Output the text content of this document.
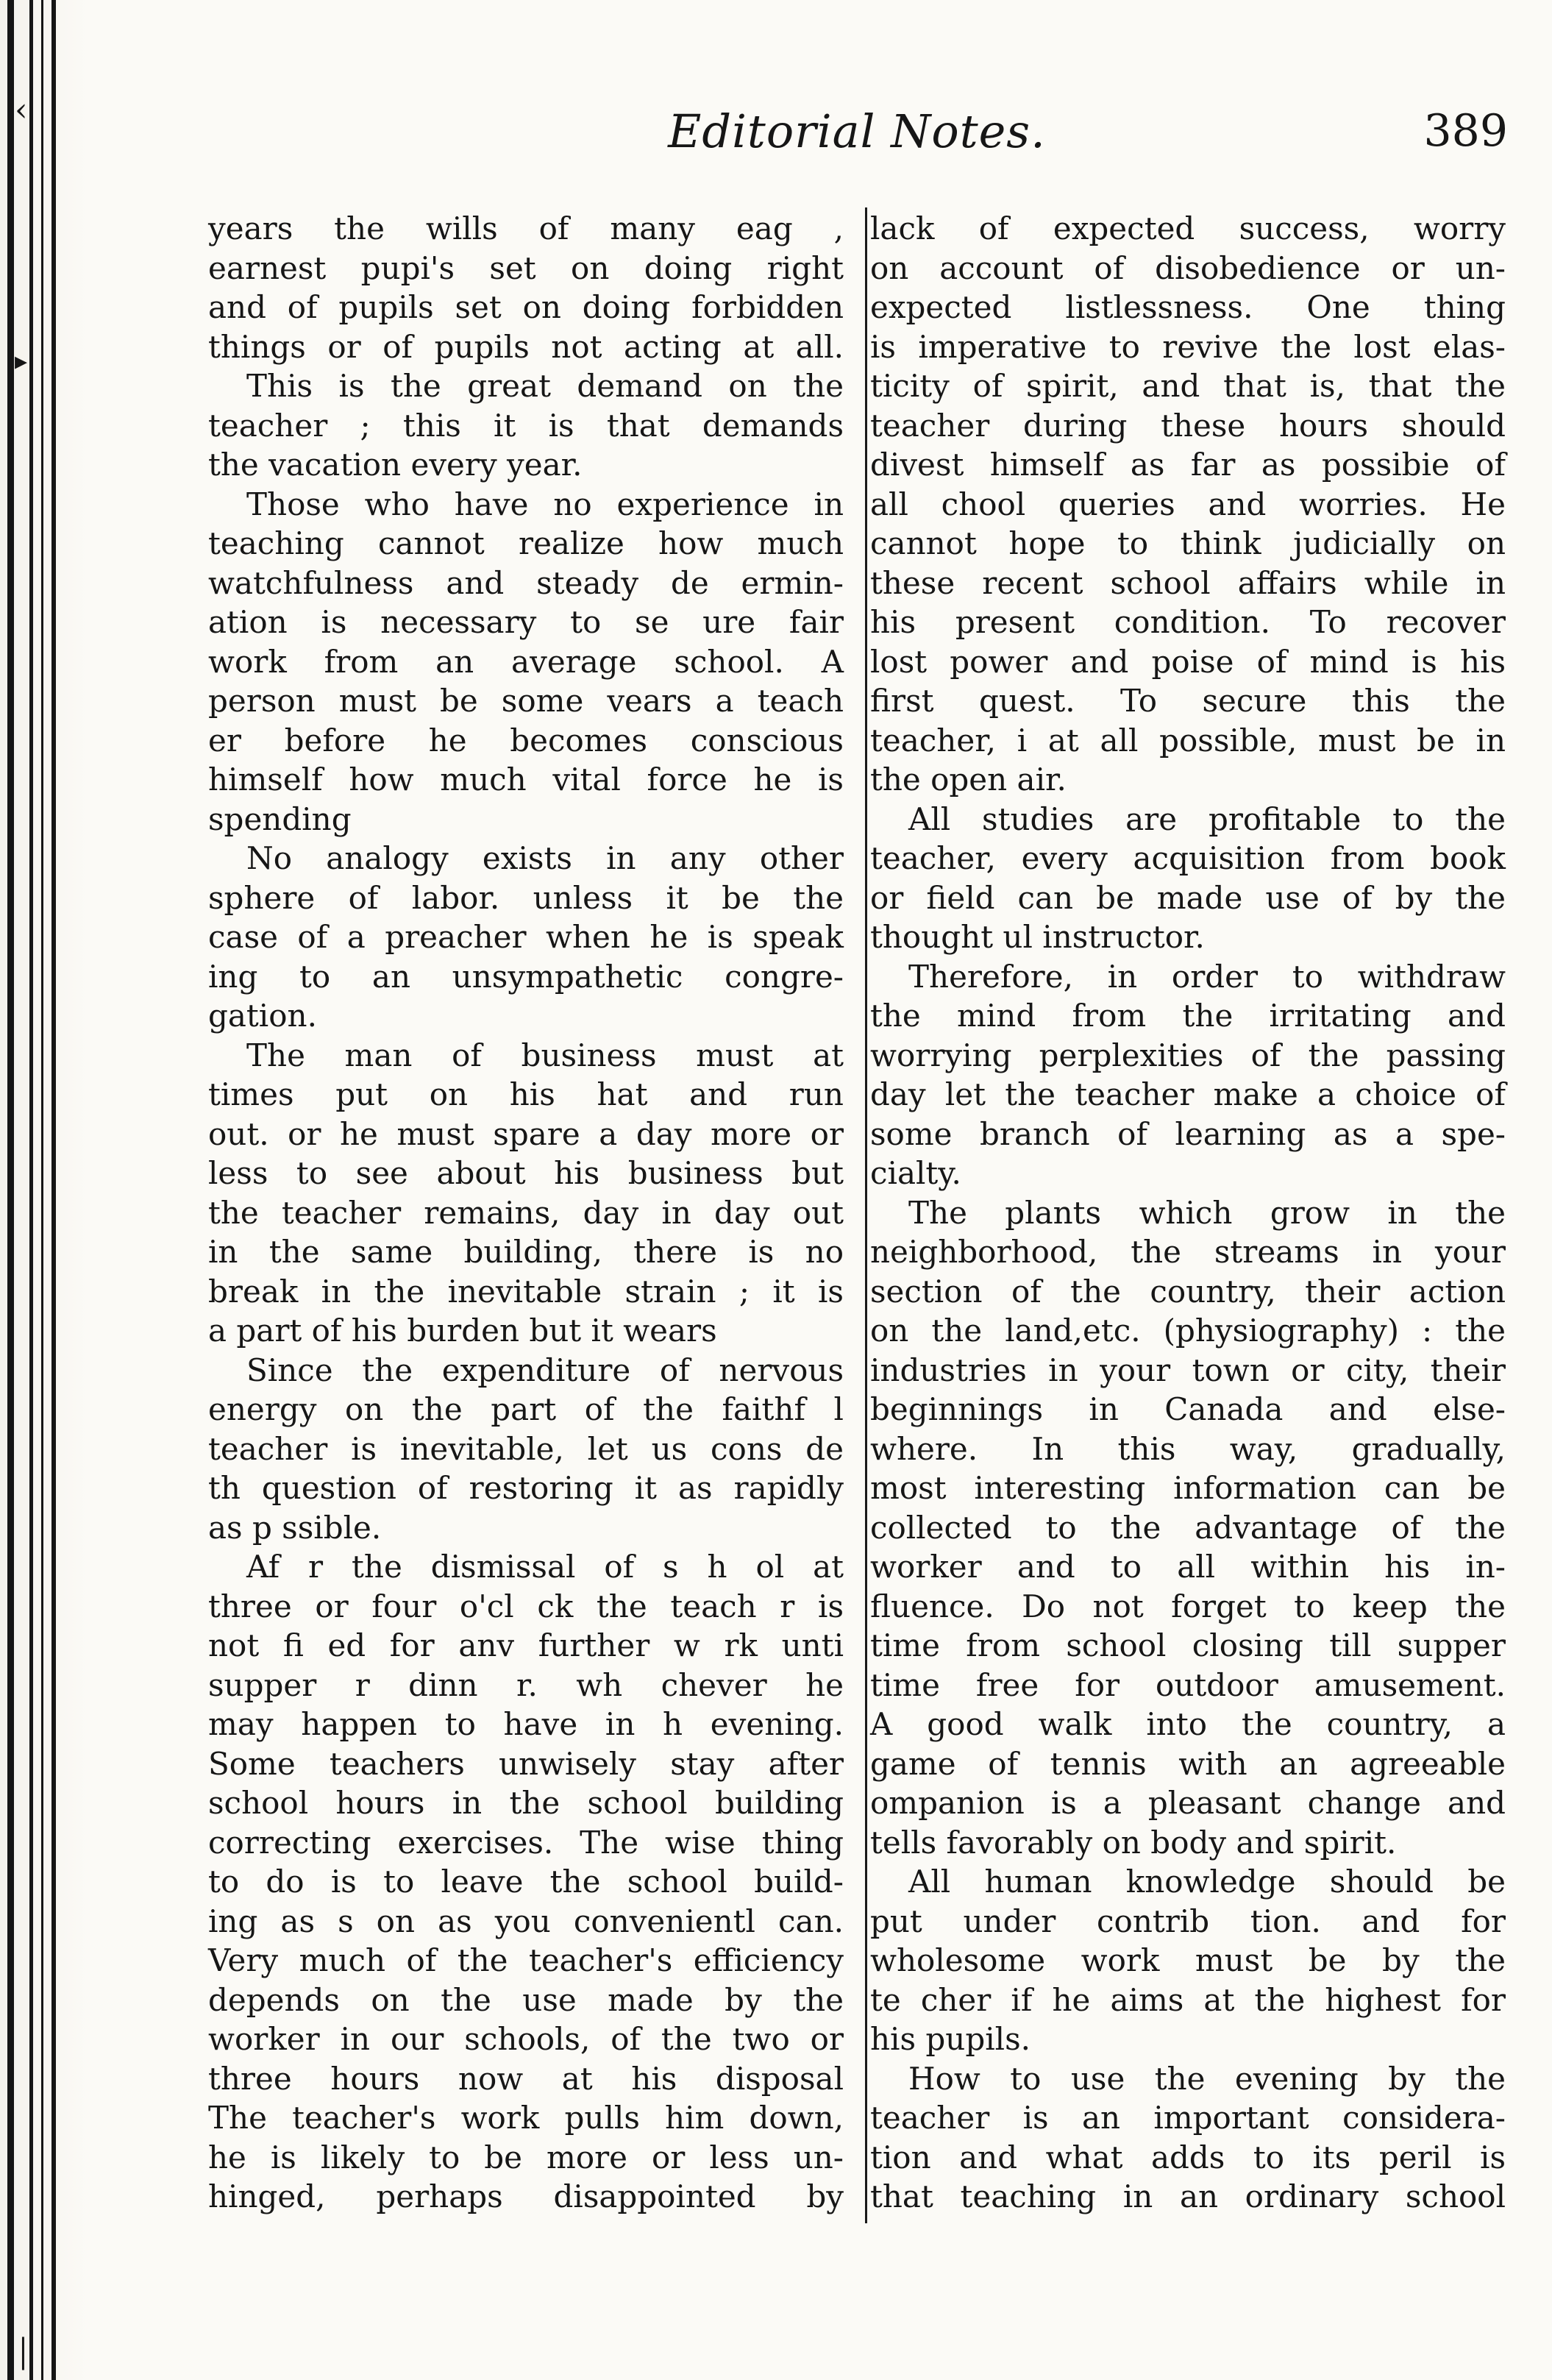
‹
▸
│
Editorial Notes.	389
years the wills of many eag ,
earnest pupi's set on doing right
and of pupils set on doing forbidden
things or of pupils not acting at all.
This is the great demand on the
teacher ; this it is that demands
the vacation every year.
Those who have no experience in
teaching cannot realize how much
watchfulness and steady de ermin-
ation is necessary to se ure fair
work from an average school. A
person must be some vears a teach
er before he becomes conscious
himself how much vital force he is
spending
No analogy exists in any other
sphere of labor. unless it be the
case of a preacher when he is speak
ing to an unsympathetic congre-
gation.
The man of business must at
times put on his hat and run
out. or he must spare a day more or
less to see about his business but
the teacher remains, day in day out
in the same building, there is no
break in the inevitable strain ; it is
a part of his burden but it wears
Since the expenditure of nervous
energy on the part of the faithf l
teacher is inevitable, let us cons de
th question of restoring it as rapidly
as p ssible.
Af r the dismissal of s h ol at
three or four o'cl ck the teach r is
not fi ed for anv further w rk unti
supper r dinn r. wh chever he
may happen to have in h evening.
Some teachers unwisely stay after
school hours in the school building
correcting exercises. The wise thing
to do is to leave the school build-
ing as s on as you convenientl can.
Very much of the teacher's efficiency
depends on the use made by the
worker in our schools, of the two or
three hours now at his disposal
The teacher's work pulls him down,
he is likely to be more or less un-
hinged, perhaps disappointed by
lack of expected success, worry
on account of disobedience or un-
expected listlessness. One thing
is imperative to revive the lost elas-
ticity of spirit, and that is, that the
teacher during these hours should
divest himself as far as possibie of
all chool queries and worries. He
cannot hope to think judicially on
these recent school affairs while in
his present condition. To recover
lost power and poise of mind is his
first quest. To secure this the
teacher, i at all possible, must be in
the open air.
All studies are profitable to the
teacher, every acquisition from book
or field can be made use of by the
thought ul instructor.
Therefore, in order to withdraw
the mind from the irritating and
worrying perplexities of the passing
day let the teacher make a choice of
some branch of learning as a spe-
cialty.
The plants which grow in the
neighborhood, the streams in your
section of the country, their action
on the land,etc. (physiography) : the
industries in your town or city, their
beginnings in Canada and else-
where. In this way, gradually,
most interesting information can be
collected to the advantage of the
worker and to all within his in-
fluence. Do not forget to keep the
time from school closing till supper
time free for outdoor amusement.
A good walk into the country, a
game of tennis with an agreeable
ompanion is a pleasant change and
tells favorably on body and spirit.
All human knowledge should be
put under contrib tion. and for
wholesome work must be by the
te cher if he aims at the highest for
his pupils.
How to use the evening by the
teacher is an important considera-
tion and what adds to its peril is
that teaching in an ordinary school
